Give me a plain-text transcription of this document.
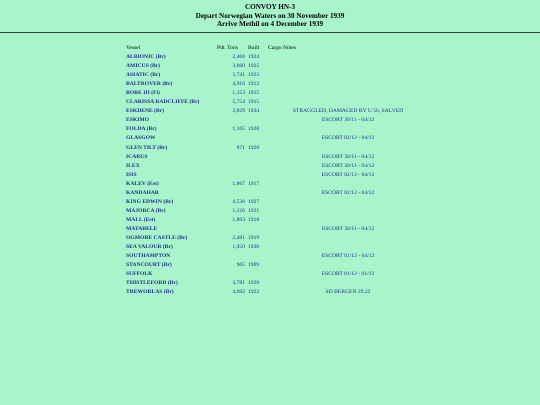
CONVOY HN-3
Depart Norwegian Waters on 30 November 1939
Arrive Methil on 4 December 1939
Vessel	Pdt. Tons	Built	Cargo Notes
ALBIONIC (Br)	2,468	1924	
AMICUS (Br)	3,660	1925	
ASIATIC (Br)	3,741	1923	
BALTROVER (Br)	4,916	1913	
BORE III (Fi)	1,153	1915	
CLARISSA RADCLIFFE (Br)	5,754	1915	
ESKDENE (Br)	3,829	1934	STRAGGLED, DAMAGED BY U 56, SALVED
ESKIMO			ESCORT 30/11 - 04/12
FOLDA (Br)	1,165	1920	
GLASGOW			ESCORT 02/12 - 04/12
GLEN TILT (Br)	871	1920	
ICARUS			ESCORT 30/11 - 04/12
ILEX			ESCORT 30/11 - 04/12
ISIS			ESCORT 02/12 - 04/12
KALEV (Est)	1,867	1917	
KANDAHAR			ESCORT 02/12 - 04/12
KING EDWIN (Br)	4,536	1927	
MAJORCA (Br)	1,126	1921	
MALL (Est)	1,863	1918	
MATABELE			ESCORT 30/11 - 04/12
OGMORE CASTLE (Br)	2,481	1919	
SEA VALOUR (Br)	1,950	1930	
SOUTHAMPTON			ESCORT 01/12 - 04/12
STANCOURT (Br)	965	1909	
SUFFOLK			ESCORT 01/12 - 01/12
THISTLEFORD (Br)	4,781	1928	
TREWORLAS (Br)	4,692	1922	SD BERGEN 29.22
